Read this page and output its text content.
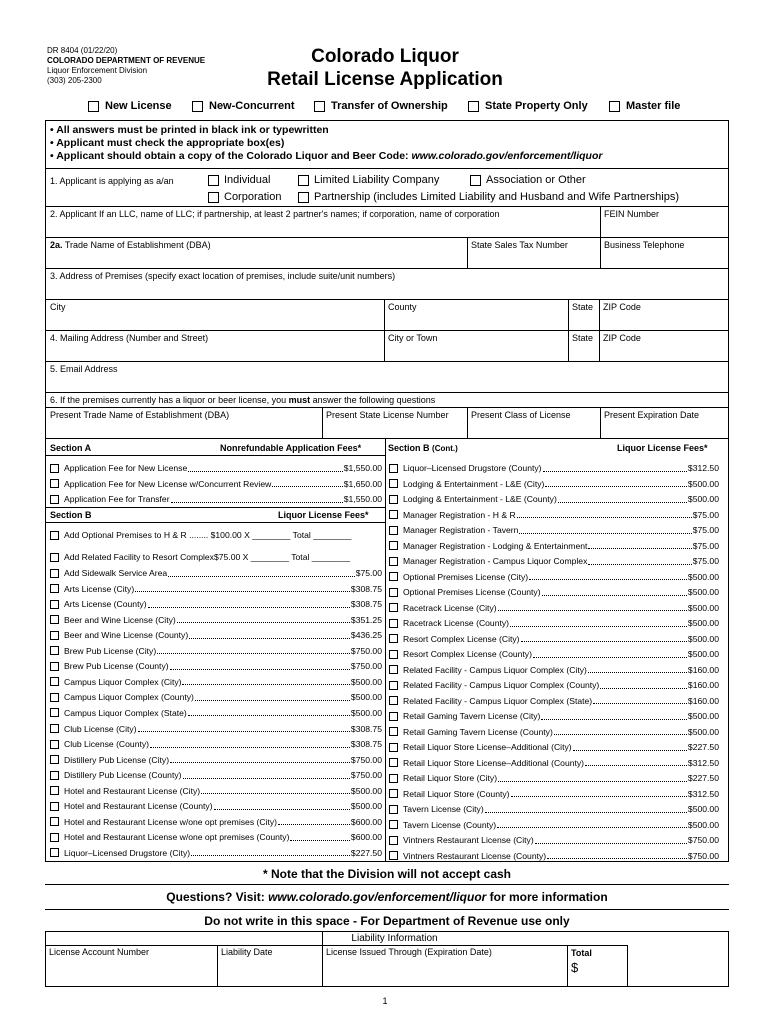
DR 8404 (01/22/20)
COLORADO DEPARTMENT OF REVENUE
Liquor Enforcement Division
(303) 205-2300
Colorado Liquor
Retail License Application
New License	New-Concurrent	Transfer of Ownership	State Property Only	Master file
• All answers must be printed in black ink or typewritten
• Applicant must check the appropriate box(es)
• Applicant should obtain a copy of the Colorado Liquor and Beer Code: www.colorado.gov/enforcement/liquor
1. Applicant is applying as a/an	Individual	Limited Liability Company	Association or Other
Corporation	Partnership (includes Limited Liability and Husband and Wife Partnerships)
2. Applicant If an LLC, name of LLC; if partnership, at least 2 partner's names; if corporation, name of corporation	FEIN Number
2a. Trade Name of Establishment (DBA)	State Sales Tax Number	Business Telephone
3. Address of Premises (specify exact location of premises, include suite/unit numbers)
City	County	State ZIP Code
4. Mailing Address (Number and Street)	City or Town	State ZIP Code
5. Email Address
6. If the premises currently has a liquor or beer license, you must answer the following questions
Present Trade Name of Establishment (DBA)	Present State License Number Present Class of License	Present Expiration Date
Section A	Nonrefundable Application Fees*	Section B (Cont.)	Liquor License Fees*
Application Fee for New License	$1,550.00
Application Fee for New License w/Concurrent Review	$1,650.00
Application Fee for Transfer	$1,550.00
Section B	Liquor License Fees*
Add Optional Premises to H & R ........ $100.00 X ________ Total ________
Add Related Facility to Resort Complex$75.00 X ________ Total ________
Add Sidewalk Service Area	$75.00
Arts License (City)	$308.75
Arts License (County)	$308.75
Beer and Wine License (City)	$351.25
Beer and Wine License (County)	$436.25
Brew Pub License (City)	$750.00
Brew Pub License (County)	$750.00
Campus Liquor Complex (City)	$500.00
Campus Liquor Complex (County)	$500.00
Campus Liquor Complex (State)	$500.00
Club License (City)	$308.75
Club License (County)	$308.75
Distillery Pub License (City)	$750.00
Distillery Pub License (County)	$750.00
Hotel and Restaurant License (City)	$500.00
Hotel and Restaurant License (County)	$500.00
Hotel and Restaurant License w/one opt premises (City)	$600.00
Hotel and Restaurant License w/one opt premises (County)	$600.00
Liquor–Licensed Drugstore (City)	$227.50
Liquor–Licensed Drugstore (County)	$312.50
Lodging & Entertainment - L&E (City)	$500.00
Lodging & Entertainment - L&E (County)	$500.00
Manager Registration - H & R	$75.00
Manager Registration - Tavern	$75.00
Manager Registration - Lodging & Entertainment	$75.00
Manager Registration - Campus Liquor Complex	$75.00
Optional Premises License (City)	$500.00
Optional Premises License (County)	$500.00
Racetrack License (City)	$500.00
Racetrack License (County)	$500.00
Resort Complex License (City)	$500.00
Resort Complex License (County)	$500.00
Related Facility - Campus Liquor Complex (City)	$160.00
Related Facility - Campus Liquor Complex (County)	$160.00
Related Facility - Campus Liquor Complex (State)	$160.00
Retail Gaming Tavern License (City)	$500.00
Retail Gaming Tavern License (County)	$500.00
Retail Liquor Store License–Additional (City)	$227.50
Retail Liquor Store License–Additional (County)	$312.50
Retail Liquor Store (City)	$227.50
Retail Liquor Store (County)	$312.50
Tavern License (City)	$500.00
Tavern License (County)	$500.00
Vintners Restaurant License (City)	$750.00
Vintners Restaurant License (County)	$750.00
* Note that the Division will not accept cash
Questions? Visit: www.colorado.gov/enforcement/liquor for more information
Do not write in this space - For Department of Revenue use only
Liability Information
License Account Number	Liability Date	License Issued Through (Expiration Date)	Total
$
1
